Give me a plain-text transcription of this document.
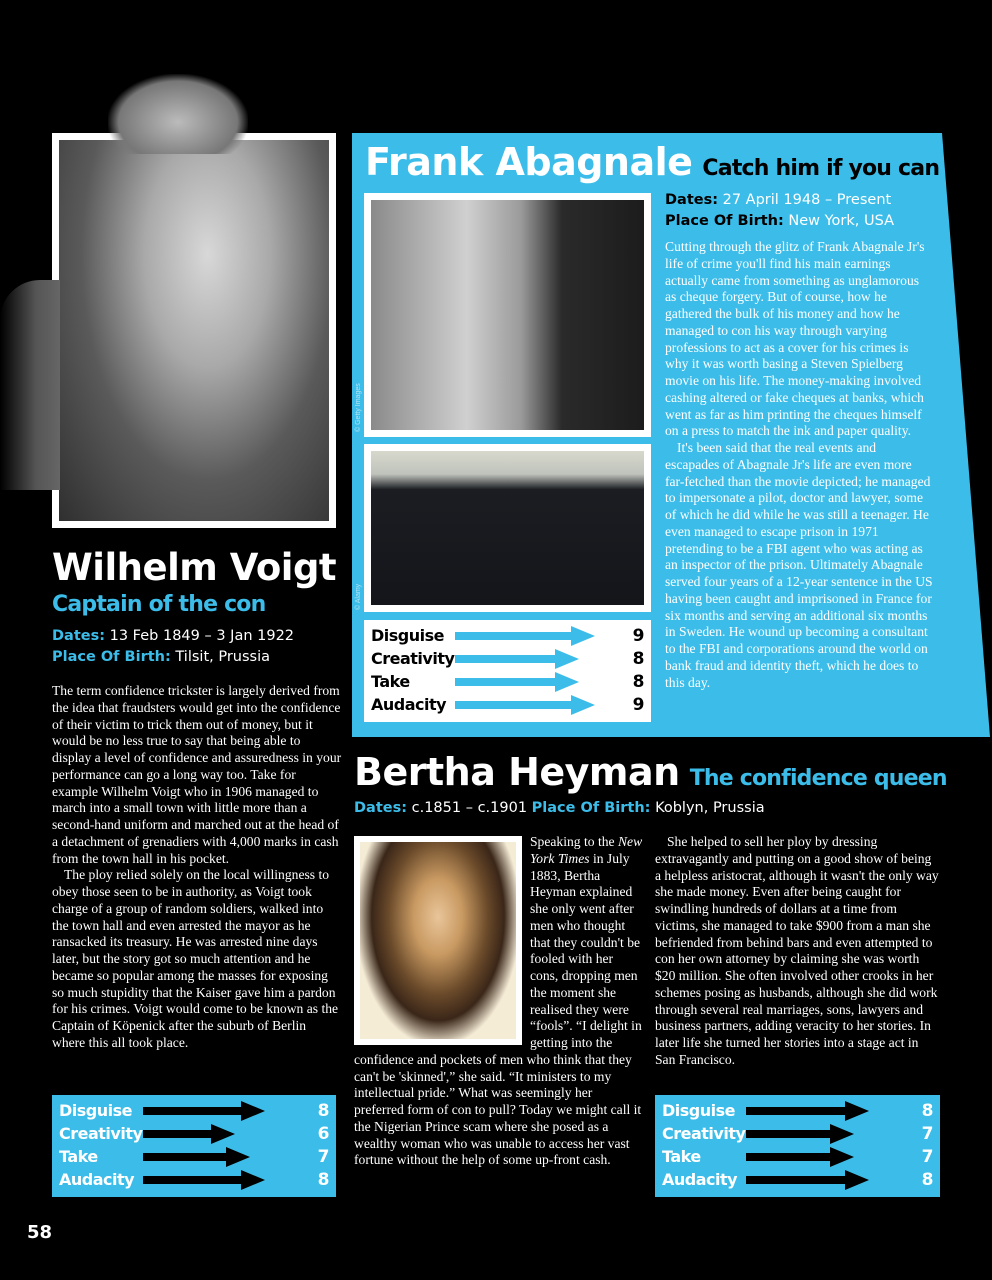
Wilhelm Voigt
Captain of the con
Dates: 13 Feb 1849 – 3 Jan 1922
Place Of Birth: Tilsit, Prussia

The term confidence trickster is largely derived from the idea that fraudsters would get into the confidence of their victim to trick them out of money, but it would be no less true to say that being able to display a level of confidence and assuredness in your performance can go a long way too. Take for example Wilhelm Voigt who in 1906 managed to march into a small town with little more than a second-hand uniform and marched out at the head of a detachment of grenadiers with 4,000 marks in cash from the town hall in his pocket.

The ploy relied solely on the local willingness to obey those seen to be in authority, as Voigt took charge of a group of random soldiers, walked into the town hall and even arrested the mayor as he ransacked its treasury. He was arrested nine days later, but the story got so much attention and he became so popular among the masses for exposing so much stupidity that the Kaiser gave him a pardon for his crimes. Voigt would come to be known as the Captain of Köpenick after the suburb of Berlin where this all took place.

Disguise	8
Creativity	6
Take	7
Audacity	8
Frank Abagnale Catch him if you can
© Getty Images
© Alamy
Disguise	9
Creativity	8
Take	8
Audacity	9
Dates: 27 April 1948 – Present
Place Of Birth: New York, USA

Cutting through the glitz of Frank Abagnale Jr's life of crime you'll find his main earnings actually came from something as unglamorous as cheque forgery. But of course, how he gathered the bulk of his money and how he managed to con his way through varying professions to act as a cover for his crimes is why it was worth basing a Steven Spielberg movie on his life. The money-making involved cashing altered or fake cheques at banks, which went as far as him printing the cheques himself on a press to match the ink and paper quality.

It's been said that the real events and escapades of Abagnale Jr's life are even more far-fetched than the movie depicted; he managed to impersonate a pilot, doctor and lawyer, some of which he did while he was still a teenager. He even managed to escape prison in 1971 pretending to be a FBI agent who was acting as an inspector of the prison. Ultimately Abagnale served four years of a 12-year sentence in the US having been caught and imprisoned in France for six months and serving an additional six months in Sweden. He wound up becoming a consultant to the FBI and corporations around the world on bank fraud and identity theft, which he does to this day.

Bertha Heyman The confidence queen
Dates: c.1851 – c.1901 Place Of Birth: Koblyn, Prussia

Speaking to the New York Times in July 1883, Bertha Heyman explained she only went after men who thought that they couldn't be fooled with her cons, dropping men the moment she realised they were “fools”. “I delight in getting into the confidence and pockets of men who think that they can't be 'skinned',” she said. “It ministers to my intellectual pride.” What was seemingly her preferred form of con to pull? Today we might call it the Nigerian Prince scam where she posed as a wealthy woman who was unable to access her vast fortune without the help of some up-front cash.

She helped to sell her ploy by dressing extravagantly and putting on a good show of being a helpless aristocrat, although it wasn't the only way she made money. Even after being caught for swindling hundreds of dollars at a time from victims, she managed to take $900 from a man she befriended from behind bars and even attempted to con her own attorney by claiming she was worth $20 million. She often involved other crooks in her schemes posing as husbands, although she did work through several real marriages, sons, lawyers and business partners, adding veracity to her stories. In later life she turned her stories into a stage act in San Francisco.

Disguise	8
Creativity	7
Take	7
Audacity	8
58
